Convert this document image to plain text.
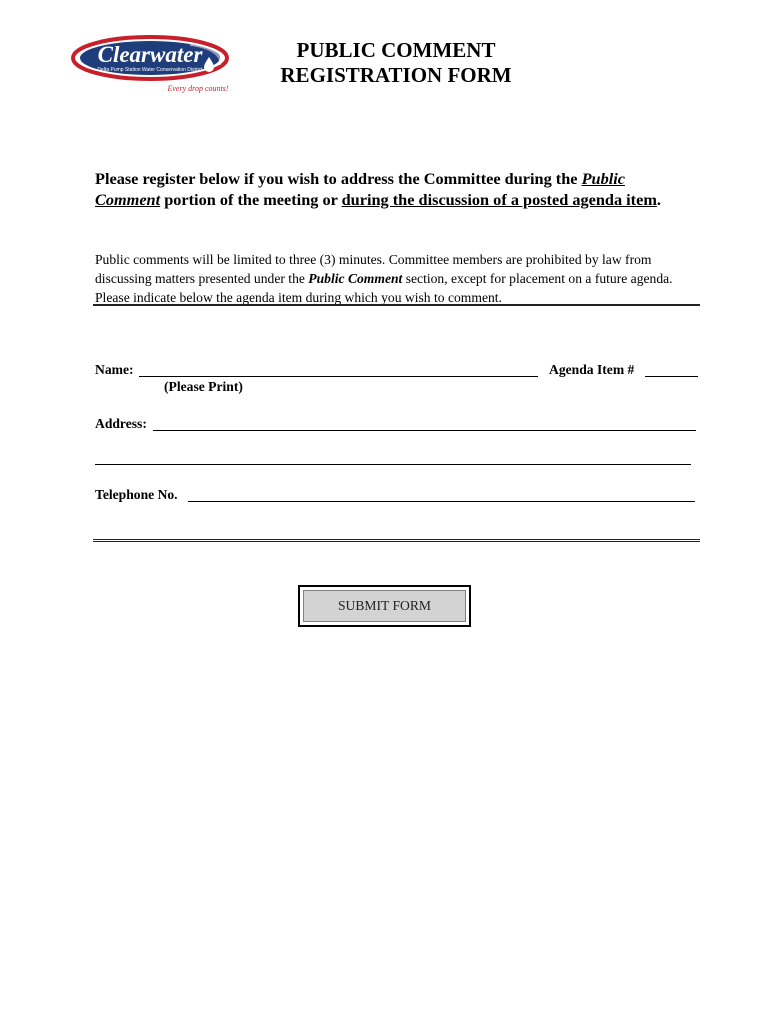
Clearwater
Delta Pump Station Water Conservation District
Every drop counts!
PUBLIC COMMENT
REGISTRATION FORM
Please register below if you wish to address the Committee during the Public Comment portion of the meeting or during the discussion of a posted agenda item.
Public comments will be limited to three (3) minutes. Committee members are prohibited by law from discussing matters presented under the Public Comment section, except for placement on a future agenda. Please indicate below the agenda item during which you wish to comment.
Name:	Agenda Item #
(Please Print)
Address:
Telephone No.
SUBMIT FORM
